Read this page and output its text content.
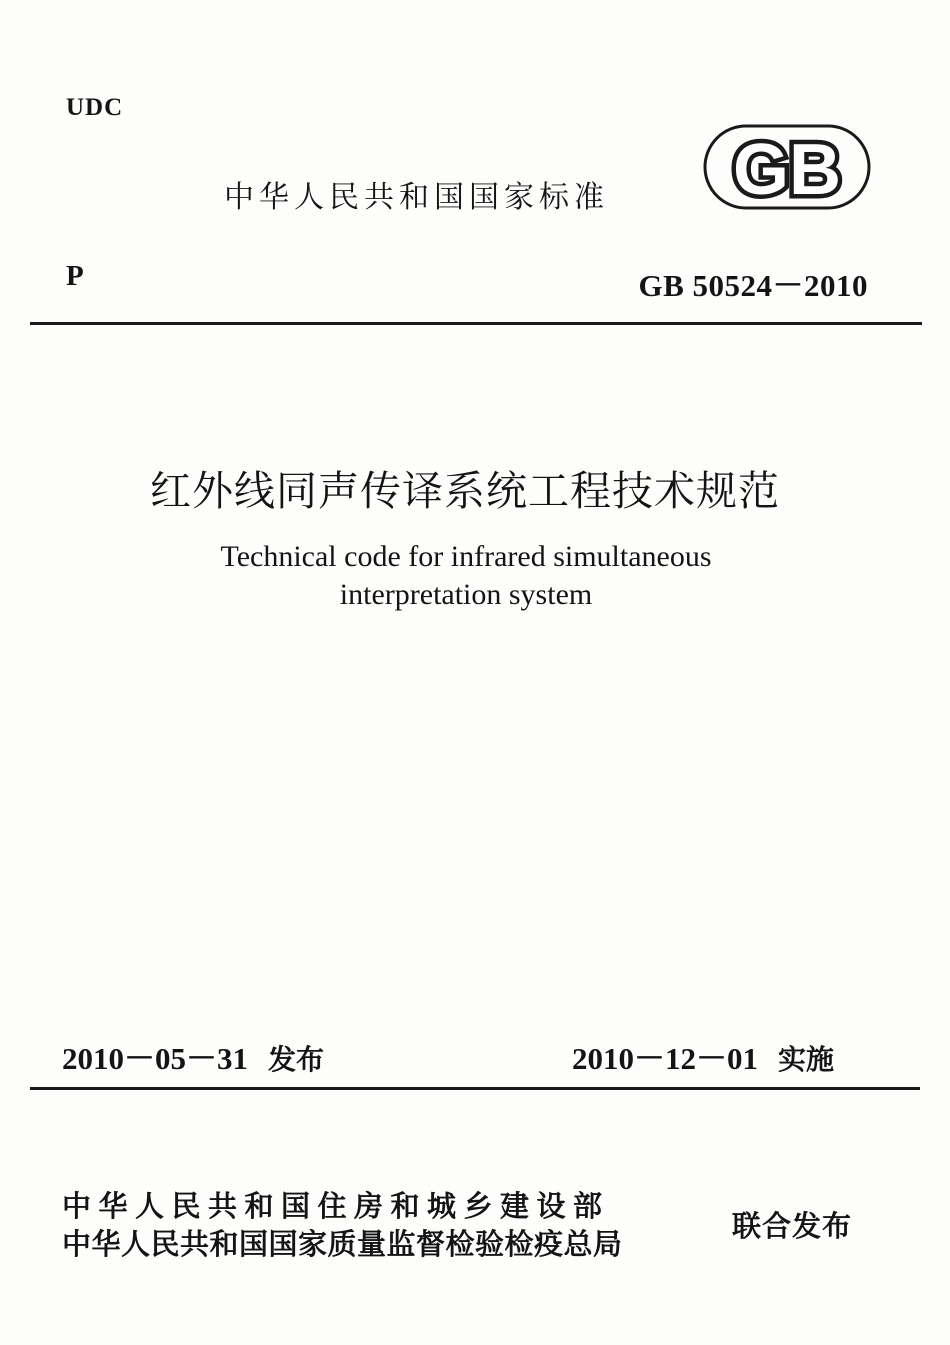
UDC
中华人民共和国国家标准 GB
P	GB 50524－2010
红外线同声传译系统工程技术规范
Technical code for infrared simultaneous
interpretation system
2010－05－31 发布	2010－12－01 实施
中华人民共和国住房和城乡建设部
中华人民共和国国家质量监督检验检疫总局
联合发布
